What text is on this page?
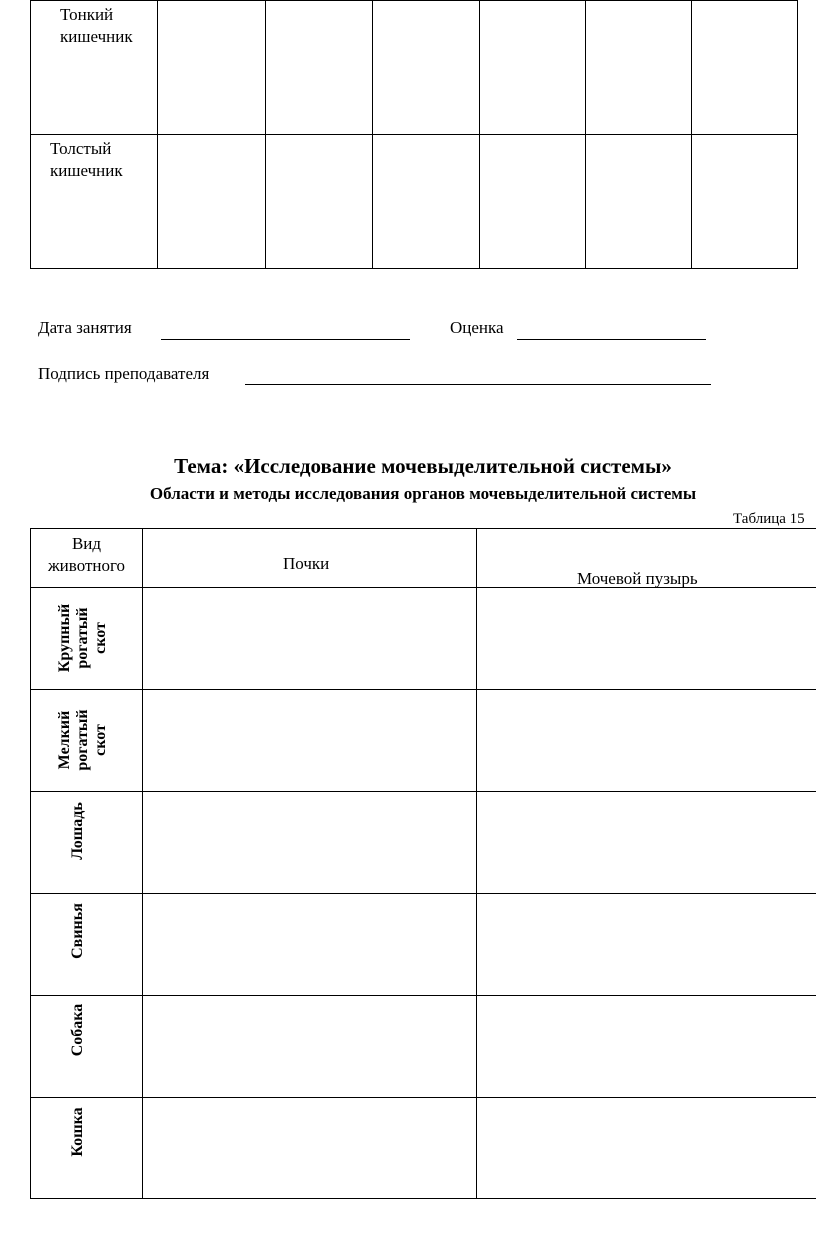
Тонкий
кишечник
Толстый
кишечник
Дата занятия	Оценка
Подпись преподавателя
Тема: «Исследование мочевыделительной системы»
Области и методы исследования органов мочевыделительной системы
Таблица 15
Вид
животного	Почки
Мочевой пузырь
Крупный рогатый скот
Мелкий рогатый скот
Лошадь
Свинья
Собака
Кошка
